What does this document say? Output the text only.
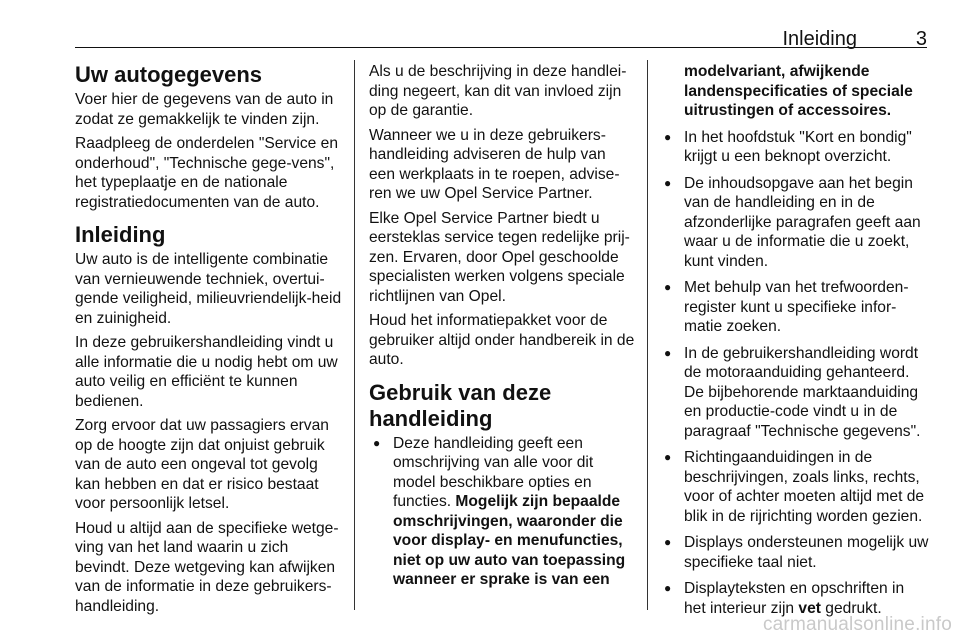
Inleiding	3
Uw autogegevens

Voer hier de gegevens van de auto in zodat ze gemakkelijk te vinden zijn.

Raadpleeg de onderdelen "Service en onderhoud", "Technische gege-vens", het typeplaatje en de nationale registratiedocumenten van de auto.

Inleiding

Uw auto is de intelligente combinatie van vernieuwende techniek, overtui-gende veiligheid, milieuvriendelijk-heid en zuinigheid.

In deze gebruikershandleiding vindt u alle informatie die u nodig hebt om uw auto veilig en efficiënt te kunnen bedienen.

Zorg ervoor dat uw passagiers ervan op de hoogte zijn dat onjuist gebruik van de auto een ongeval tot gevolg kan hebben en dat er risico bestaat voor persoonlijk letsel.

Houd u altijd aan de specifieke wetge-ving van het land waarin u zich bevindt. Deze wetgeving kan afwijken van de informatie in deze gebruikers-handleiding.

Als u de beschrijving in deze handlei-ding negeert, kan dit van invloed zijn op de garantie.

Wanneer we u in deze gebruikers-handleiding adviseren de hulp van een werkplaats in te roepen, advise-ren we uw Opel Service Partner.

Elke Opel Service Partner biedt u eersteklas service tegen redelijke prij-zen. Ervaren, door Opel geschoolde specialisten werken volgens speciale richtlijnen van Opel.

Houd het informatiepakket voor de gebruiker altijd onder handbereik in de auto.

Gebruik van deze handleiding
● Deze handleiding geeft een omschrijving van alle voor dit model beschikbare opties en functies. Mogelijk zijn bepaalde omschrijvingen, waaronder die voor display- en menufuncties, niet op uw auto van toepassing wanneer er sprake is van een

modelvariant, afwijkende landenspecificaties of speciale uitrustingen of accessoires.

● In het hoofdstuk "Kort en bondig" krijgt u een beknopt overzicht.
● De inhoudsopgave aan het begin van de handleiding en in de afzonderlijke paragrafen geeft aan waar u de informatie die u zoekt, kunt vinden.
● Met behulp van het trefwoorden-register kunt u specifieke infor-matie zoeken.
● In de gebruikershandleiding wordt de motoraanduiding gehanteerd. De bijbehorende marktaanduiding en productie-code vindt u in de paragraaf "Technische gegevens".
● Richtingaanduidingen in de beschrijvingen, zoals links, rechts, voor of achter moeten altijd met de blik in de rijrichting worden gezien.
● Displays ondersteunen mogelijk uw specifieke taal niet.
● Displayteksten en opschriften in het interieur zijn vet gedrukt.
carmanualsonline.info
